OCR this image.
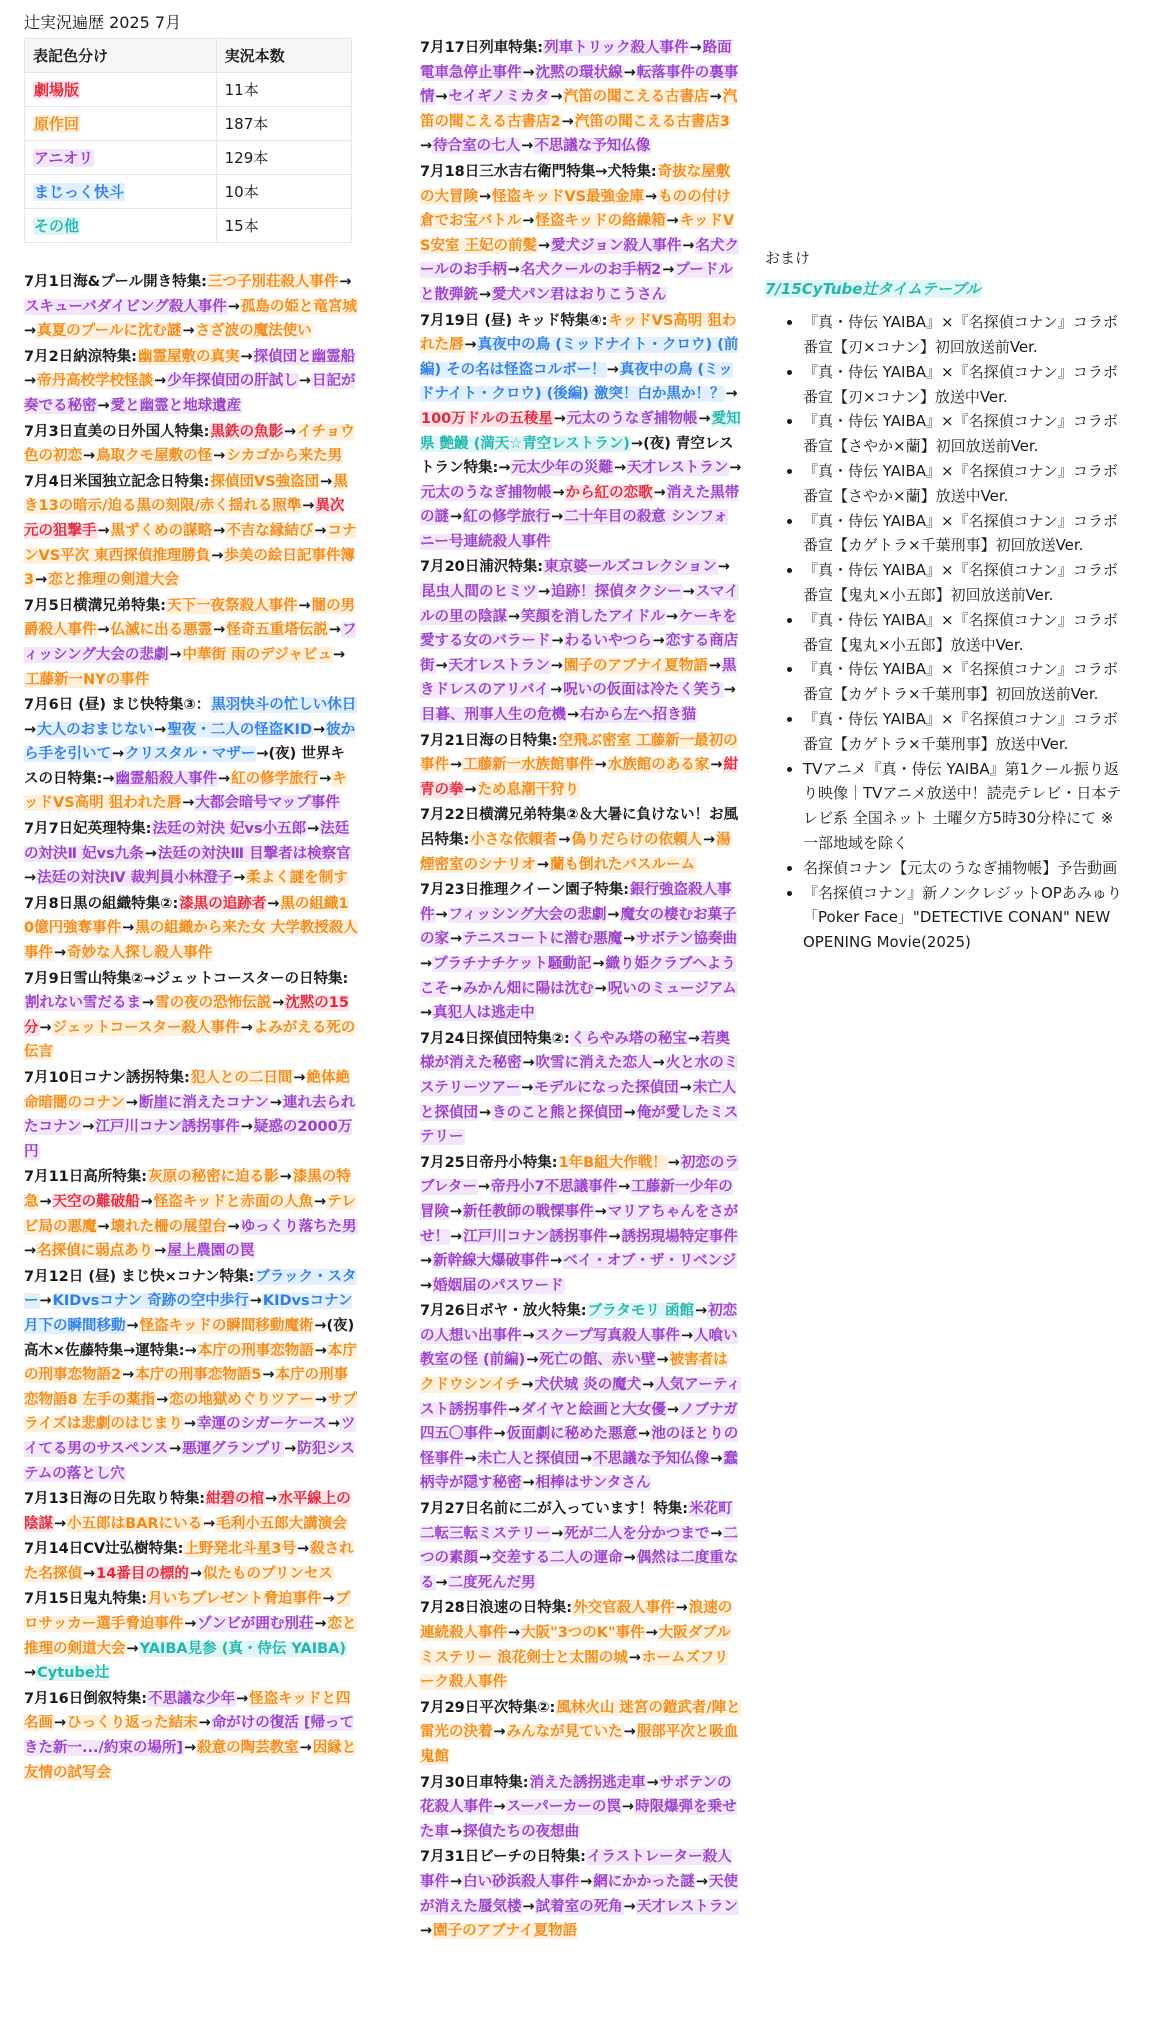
辻実況遍歴 2025 7月
表記色分け	実況本数
劇場版	11本
原作回	187本
アニオリ	129本
まじっく快斗	10本
その他	15本
7月1日海&プール開き特集:三つ子別荘殺人事件→スキューバダイビング殺人事件→孤島の姫と竜宮城→真夏のプールに沈む謎→さざ波の魔法使い
7月2日納涼特集:幽霊屋敷の真実→探偵団と幽霊船→帝丹高校学校怪談→少年探偵団の肝試し→日記が奏でる秘密→愛と幽霊と地球遺産
7月3日直美の日外国人特集:黒鉄の魚影→イチョウ色の初恋→鳥取クモ屋敷の怪→シカゴから来た男
7月4日米国独立記念日特集:探偵団VS強盗団→黒き13の暗示/迫る黒の刻限/赤く揺れる照準→異次元の狙撃手→黒ずくめの謀略→不吉な縁結び→コナンVS平次 東西探偵推理勝負→歩美の絵日記事件簿3→恋と推理の剣道大会
7月5日横溝兄弟特集:天下一夜祭殺人事件→闇の男爵殺人事件→仏滅に出る悪霊→怪奇五重塔伝説→フィッシング大会の悲劇→中華街 雨のデジャビュ→工藤新一NYの事件
7月6日 (昼) まじ快特集③：黒羽快斗の忙しい休日→大人のおまじない→聖夜・二人の怪盗KID→彼から手を引いて→クリスタル・マザー→(夜) 世界キスの日特集:→幽霊船殺人事件→紅の修学旅行→キッドVS高明 狙われた唇→大都会暗号マップ事件
7月7日妃英理特集:法廷の対決 妃vs小五郎→法廷の対決Ⅱ 妃vs九条→法廷の対決Ⅲ 目撃者は検察官→法廷の対決Ⅳ 裁判員小林澄子→柔よく謎を制す
7月8日黒の組織特集②:漆黒の追跡者→黒の組織10億円強奪事件→黒の組織から来た女 大学教授殺人事件→奇妙な人探し殺人事件
7月9日雪山特集②→ジェットコースターの日特集:割れない雪だるま→雪の夜の恐怖伝説→沈黙の15分→ジェットコースター殺人事件→よみがえる死の伝言
7月10日コナン誘拐特集:犯人との二日間→絶体絶命暗闇のコナン→断崖に消えたコナン→連れ去られたコナン→江戸川コナン誘拐事件→疑惑の2000万円
7月11日高所特集:灰原の秘密に迫る影→漆黒の特急→天空の難破船→怪盗キッドと赤面の人魚→テレビ局の悪魔→壊れた柵の展望台→ゆっくり落ちた男→名探偵に弱点あり→屋上農園の罠
7月12日 (昼) まじ快×コナン特集:ブラック・スター→KIDvsコナン 奇跡の空中歩行→KIDvsコナン 月下の瞬間移動→怪盗キッドの瞬間移動魔術→(夜) 高木×佐藤特集→運特集:→本庁の刑事恋物語→本庁の刑事恋物語2→本庁の刑事恋物語5→本庁の刑事恋物語8 左手の薬指→恋の地獄めぐりツアー→サプライズは悲劇のはじまり→幸運のシガーケース→ツイてる男のサスペンス→悪運グランプリ→防犯システムの落とし穴
7月13日海の日先取り特集:紺碧の棺→水平線上の陰謀→小五郎はBARにいる→毛利小五郎大講演会
7月14日CV辻弘樹特集:上野発北斗星3号→殺された名探偵→14番目の標的→似たものプリンセス
7月15日鬼丸特集:月いちプレゼント脅迫事件→プロサッカー選手脅迫事件→ゾンビが囲む別荘→恋と推理の剣道大会→YAIBA見参 (真・侍伝 YAIBA)→Cytube辻
7月16日倒叙特集:不思議な少年→怪盗キッドと四名画→ひっくり返った結末→命がけの復活 [帰ってきた新一.../約束の場所]→殺意の陶芸教室→因縁と友情の試写会
7月17日列車特集:列車トリック殺人事件→路面電車急停止事件→沈黙の環状線→転落事件の裏事情→セイギノミカタ→汽笛の聞こえる古書店→汽笛の聞こえる古書店2→汽笛の聞こえる古書店3→待合室の七人→不思議な予知仏像
7月18日三水吉右衛門特集→犬特集:奇抜な屋敷の大冒険→怪盗キッドVS最強金庫→ものの付け倉でお宝バトル→怪盗キッドの絡繰箱→キッドVS安室 王妃の前髪→愛犬ジョン殺人事件→名犬クールのお手柄→名犬クールのお手柄2→プードルと散弾銃→愛犬パン君はおりこうさん
7月19日 (昼) キッド特集④:キッドVS高明 狙われた唇→真夜中の鳥 (ミッドナイト・クロウ) (前編) その名は怪盗コルボー！→真夜中の鳥 (ミッドナイト・クロウ) (後編) 激突！白か黒か！？→100万ドルの五稜星→元太のうなぎ捕物帳→愛知県 艶鰻 (満天☆青空レストラン)→(夜) 青空レストラン特集:→元太少年の災難→天才レストラン→元太のうなぎ捕物帳→から紅の恋歌→消えた黒帯の謎→紅の修学旅行→二十年目の殺意 シンフォニー号連続殺人事件
7月20日浦沢特集:東京婆ールズコレクション→昆虫人間のヒミツ→追跡！探偵タクシー→スマイルの里の陰謀→笑顔を消したアイドル→ケーキを愛する女のバラード→わるいやつら→恋する商店街→天才レストラン→園子のアブナイ夏物語→黒きドレスのアリバイ→呪いの仮面は冷たく笑う→目暮、刑事人生の危機→右から左へ招き猫
7月21日海の日特集:空飛ぶ密室 工藤新一最初の事件→工藤新一水族館事件→水族館のある家→紺青の拳→ため息潮干狩り
7月22日横溝兄弟特集②＆大暑に負けない！お風呂特集:小さな依頼者→偽りだらけの依頼人→湯煙密室のシナリオ→蘭も倒れたバスルーム
7月23日推理クイーン園子特集:銀行強盗殺人事件→フィッシング大会の悲劇→魔女の棲むお菓子の家→テニスコートに潜む悪魔→サボテン協奏曲→プラチナチケット騒動記→織り姫クラブへようこそ→みかん畑に陽は沈む→呪いのミュージアム→真犯人は逃走中
7月24日探偵団特集②:くらやみ塔の秘宝→若奥様が消えた秘密→吹雪に消えた恋人→火と水のミステリーツアー→モデルになった探偵団→未亡人と探偵団→きのこと熊と探偵団→俺が愛したミステリー
7月25日帝丹小特集:1年B組大作戦！→初恋のラブレター→帝丹小7不思議事件→工藤新一少年の冒険→新任教師の戦慄事件→マリアちゃんをさがせ！→江戸川コナン誘拐事件→誘拐現場特定事件→新幹線大爆破事件→ベイ・オブ・ザ・リベンジ→婚姻届のパスワード
7月26日ボヤ・放火特集:ブラタモリ 函館→初恋の人想い出事件→スクープ写真殺人事件→人喰い教室の怪 (前編)→死亡の館、赤い壁→被害者はクドウシンイチ→犬伏城 炎の魔犬→人気アーティスト誘拐事件→ダイヤと絵画と大女優→ノブナガ四五〇事件→仮面劇に秘めた悪意→池のほとりの怪事件→未亡人と探偵団→不思議な予知仏像→蠢柄寺が隠す秘密→相棒はサンタさん
7月27日名前に二が入っています！特集:米花町二転三転ミステリー→死が二人を分かつまで→二つの素顔→交差する二人の運命→偶然は二度重なる→二度死んだ男
7月28日浪速の日特集:外交官殺人事件→浪速の連続殺人事件→大阪"3つのK"事件→大阪ダブルミステリー 浪花剣士と太閤の城→ホームズフリーク殺人事件
7月29日平次特集②:風林火山 迷宮の鎧武者/陣と雷光の決着→みんなが見ていた→服部平次と吸血鬼館
7月30日車特集:消えた誘拐逃走車→サボテンの花殺人事件→スーパーカーの罠→時限爆弾を乗せた車→探偵たちの夜想曲
7月31日ビーチの日特集:イラストレーター殺人事件→白い砂浜殺人事件→網にかかった謎→天使が消えた蜃気楼→試着室の死角→天才レストラン→園子のアブナイ夏物語
おまけ
7/15CyTube辻タイムテーブル
• 『真・侍伝 YAIBA』×『名探偵コナン』コラボ番宣【刃×コナン】初回放送前Ver.
• 『真・侍伝 YAIBA』×『名探偵コナン』コラボ番宣【刃×コナン】放送中Ver.
• 『真・侍伝 YAIBA』×『名探偵コナン』コラボ番宣【さやか×蘭】初回放送前Ver.
• 『真・侍伝 YAIBA』×『名探偵コナン』コラボ番宣【さやか×蘭】放送中Ver.
• 『真・侍伝 YAIBA』×『名探偵コナン』コラボ番宣【カゲトラ×千葉刑事】初回放送Ver.
• 『真・侍伝 YAIBA』×『名探偵コナン』コラボ番宣【鬼丸×小五郎】初回放送前Ver.
• 『真・侍伝 YAIBA』×『名探偵コナン』コラボ番宣【鬼丸×小五郎】放送中Ver.
• 『真・侍伝 YAIBA』×『名探偵コナン』コラボ番宣【カゲトラ×千葉刑事】初回放送前Ver.
• 『真・侍伝 YAIBA』×『名探偵コナン』コラボ番宣【カゲトラ×千葉刑事】放送中Ver.
• TVアニメ『真・侍伝 YAIBA』第1クール振り返り映像｜TVアニメ放送中！読売テレビ・日本テレビ系 全国ネット 土曜夕方5時30分枠にて ※一部地域を除く
• 名探偵コナン【元太のうなぎ捕物帳】予告動画
• 『名探偵コナン』新ノンクレジットOPあみゅり「Poker Face」"DETECTIVE CONAN" NEW OPENING Movie(2025)
